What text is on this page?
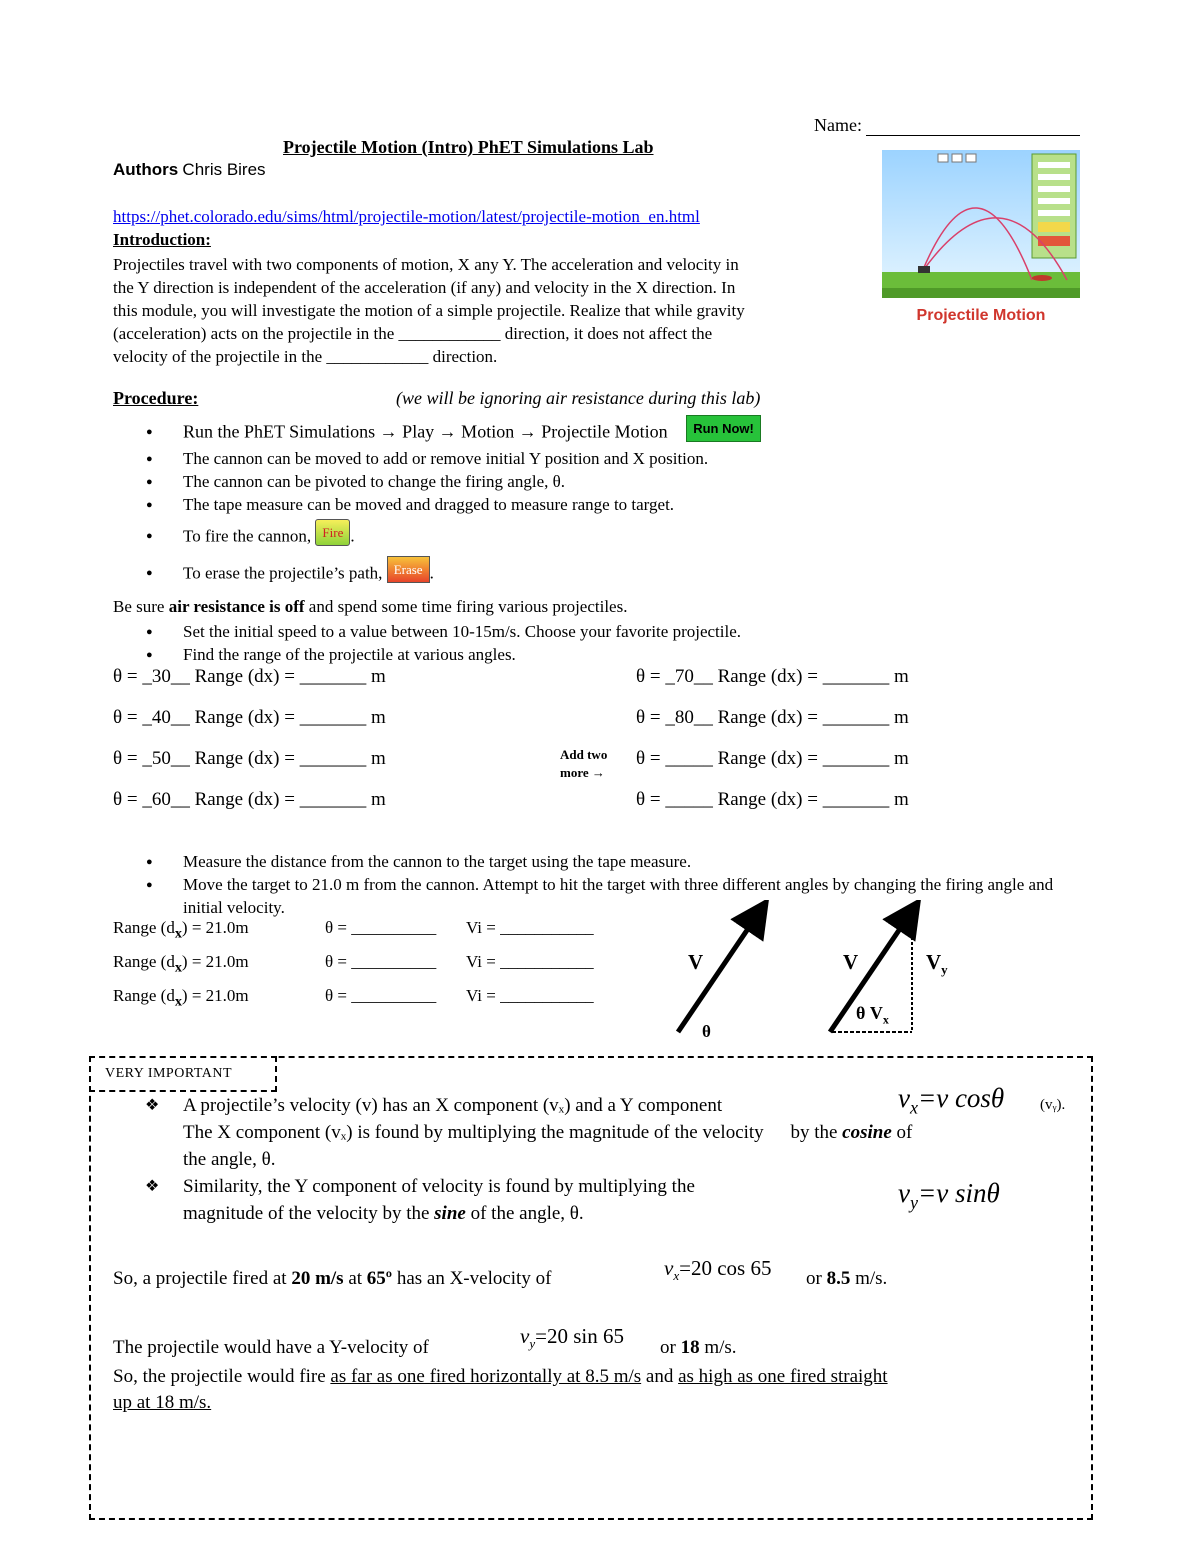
Name:
Projectile Motion (Intro) PhET Simulations Lab
Authors Chris Bires
https://phet.colorado.edu/sims/html/projectile-motion/latest/projectile-motion_en.html
Projectile Motion
Introduction:
Projectiles travel with two components of motion, X any Y. The acceleration and velocity in
the Y direction is independent of the acceleration (if any) and velocity in the X direction. In
this module, you will investigate the motion of a simple projectile. Realize that while gravity
(acceleration) acts on the projectile in the ____________ direction, it does not affect the
velocity of the projectile in the ____________ direction.
Procedure:	(we will be ignoring air resistance during this lab)
● Run the PhET Simulations → Play → Motion → Projectile Motion Run Now!
● The cannon can be moved to add or remove initial Y position and X position.
● The cannon can be pivoted to change the firing angle, θ.
● The tape measure can be moved and dragged to measure range to target.
● To fire the cannon, Fire .
● To erase the projectile’s path, Erase .
Be sure air resistance is off and spend some time firing various projectiles.
● Set the initial speed to a value between 10-15m/s. Choose your favorite projectile.
● Find the range of the projectile at various angles.
θ = _30__ Range (dx) = _______ m
θ = _40__ Range (dx) = _______ m
θ = _50__ Range (dx) = _______ m
θ = _60__ Range (dx) = _______ m
θ = _70__ Range (dx) = _______ m
θ = _80__ Range (dx) = _______ m
θ = _____ Range (dx) = _______ m
θ = _____ Range (dx) = _______ m
Add two
more →
● Measure the distance from the cannon to the target using the tape measure.
● Move the target to 21.0 m from the cannon. Attempt to hit the target with three different angles by changing the firing angle and initial velocity.
Range $(d_x) = 21.0m$	θ = __________ Vi = ___________
Range $(d_x) = 21.0m$	θ = __________ Vi = ___________
Range $(d_x) = 21.0m$	θ = __________ Vi = ___________
V
θ
V	$V_y$
θ $V_x$
VERY IMPORTANT
❖ A projectile’s velocity (v) has an X component (vₓ) and a Y component
The X component (vₓ) is found by multiplying the magnitude of the velocity by the cosine of
the angle, θ.
❖ Similarity, the Y component of velocity is found by multiplying the
magnitude of the velocity by the sine of the angle, θ.
$v_x=v$ cosθ (vᵧ).
$v_y=v$ sinθ
So, a projectile fired at 20 m/s at 65º has an X-velocity of	$v_x=20$ cos 65 or 8.5 m/s.
The projectile would have a Y-velocity of	$v_y=20$ sin 65 or 18 m/s.
So, the projectile would fire as far as one fired horizontally at 8.5 m/s and as high as one fired straight
up at 18 m/s.
